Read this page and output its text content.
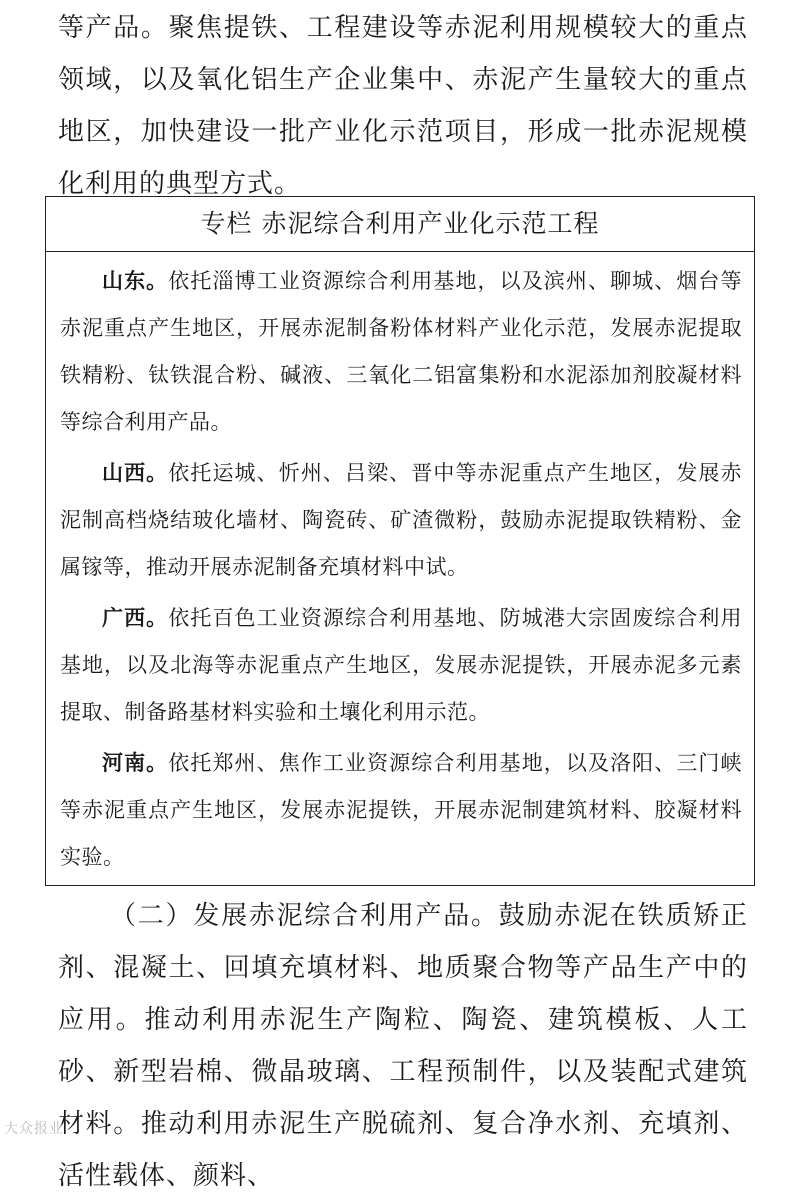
等产品。聚焦提铁、工程建设等赤泥利用规模较大的重点领域，以及氧化铝生产企业集中、赤泥产生量较大的重点地区，加快建设一批产业化示范项目，形成一批赤泥规模化利用的典型方式。

专栏 赤泥综合利用产业化示范工程

山东。依托淄博工业资源综合利用基地，以及滨州、聊城、烟台等赤泥重点产生地区，开展赤泥制备粉体材料产业化示范，发展赤泥提取铁精粉、钛铁混合粉、碱液、三氧化二铝富集粉和水泥添加剂胶凝材料等综合利用产品。

山西。依托运城、忻州、吕梁、晋中等赤泥重点产生地区，发展赤泥制高档烧结玻化墙材、陶瓷砖、矿渣微粉，鼓励赤泥提取铁精粉、金属镓等，推动开展赤泥制备充填材料中试。

广西。依托百色工业资源综合利用基地、防城港大宗固废综合利用基地，以及北海等赤泥重点产生地区，发展赤泥提铁，开展赤泥多元素提取、制备路基材料实验和土壤化利用示范。

河南。依托郑州、焦作工业资源综合利用基地，以及洛阳、三门峡等赤泥重点产生地区，发展赤泥提铁，开展赤泥制建筑材料、胶凝材料实验。

（二）发展赤泥综合利用产品。鼓励赤泥在铁质矫正剂、混凝土、回填充填材料、地质聚合物等产品生产中的应用。推动利用赤泥生产陶粒、陶瓷、建筑模板、人工砂、新型岩棉、微晶玻璃、工程预制件，以及装配式建筑材料。推动利用赤泥生产脱硫剂、复合净水剂、充填剂、活性载体、颜料、

大众报业
